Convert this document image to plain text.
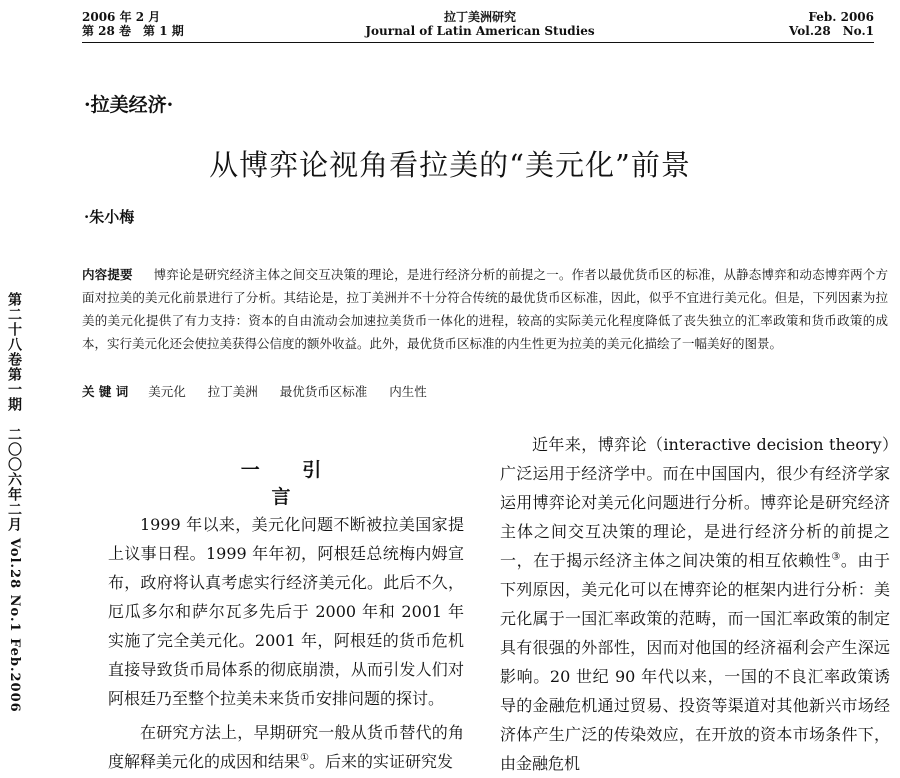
2006 年 2 月
第 28 卷　第 1 期
拉丁美洲研究
Journal of Latin American Studies
Feb. 2006
Vol.28　No.1
第二十八卷第一期　二〇〇六年二月
Vol.28 No.1 Feb.2006
·拉美经济·
从博弈论视角看拉美的“美元化”前景
·朱小梅
内容提要 　 博弈论是研究经济主体之间交互决策的理论，是进行经济分析的前提之一。作者以最优货币区的标准，从静态博弈和动态博弈两个方面对拉美的美元化前景进行了分析。其结论是，拉丁美洲并不十分符合传统的最优货币区标准，因此，似乎不宜进行美元化。但是，下列因素为拉美的美元化提供了有力支持：资本的自由流动会加速拉美货币一体化的进程，较高的实际美元化程度降低了丧失独立的汇率政策和货币政策的成本，实行美元化还会使拉美获得公信度的额外收益。此外，最优货币区标准的内生性更为拉美的美元化描绘了一幅美好的图景。
关 键 词 美元化 拉丁美洲 最优货币区标准 内生性
一 引 言

1999 年以来，美元化问题不断被拉美国家提上议事日程。1999 年年初，阿根廷总统梅内姆宣布，政府将认真考虑实行经济美元化。此后不久，厄瓜多尔和萨尔瓦多先后于 2000 年和 2001 年实施了完全美元化。2001 年，阿根廷的货币危机直接导致货币局体系的彻底崩溃，从而引发人们对阿根廷乃至整个拉美未来货币安排问题的探讨。

在研究方法上，早期研究一般从货币替代的角度解释美元化的成因和结果①。后来的实证研究发

近年来，博弈论（interactive decision theory）广泛运用于经济学中。而在中国国内，很少有经济学家运用博弈论对美元化问题进行分析。博弈论是研究经济主体之间交互决策的理论，是进行经济分析的前提之一，在于揭示经济主体之间决策的相互依赖性③。由于下列原因，美元化可以在博弈论的框架内进行分析：美元化属于一国汇率政策的范畴，而一国汇率政策的制定具有很强的外部性，因而对他国的经济福利会产生深远影响。20 世纪 90 年代以来，一国的不良汇率政策诱导的金融危机通过贸易、投资等渠道对其他新兴市场经济体产生广泛的传染效应，在开放的资本市场条件下，由金融危机
